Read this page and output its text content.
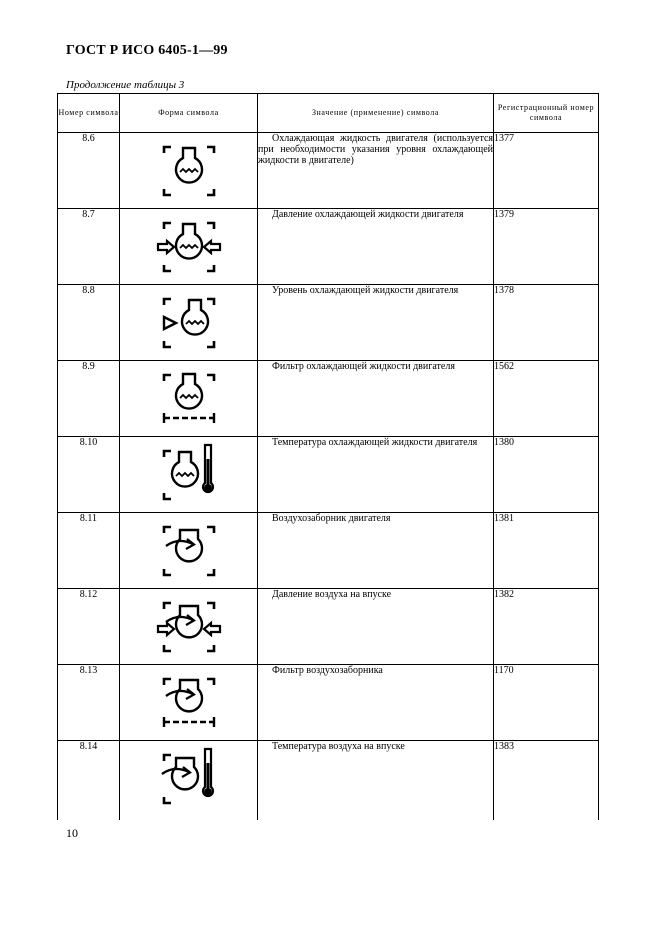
ГОСТ Р ИСО 6405-1—99
Продолжение таблицы 3
Номер символа	Форма символа	Значение (применение) символа	Регистрационный номер символа
8.6		Охлаждающая жидкость двигателя (используется при необходимости указания уровня охлаждающей жидкости в двигателе)	1377
8.7		Давление охлаждающей жидкости двигателя	1379
8.8		Уровень охлаждающей жидкости двигателя	1378
8.9		Фильтр охлаждающей жидкости двигателя	1562
8.10		Температура охлаждающей жидкости двигателя	1380
8.11		Воздухозаборник двигателя	1381
8.12		Давление воздуха на впуске	1382
8.13		Фильтр воздухозаборника	1170
8.14		Температура воздуха на впуске	1383
10
